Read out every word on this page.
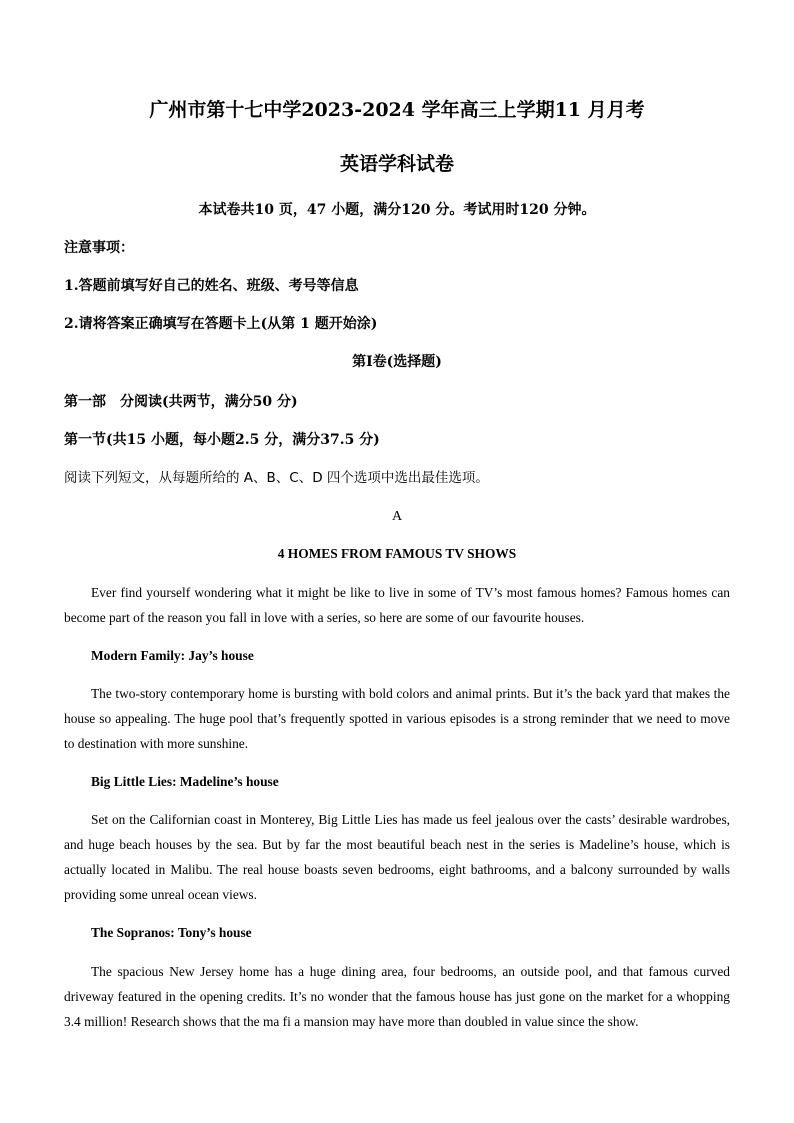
广州市第十七中学2023-2024 学年高三上学期11 月月考
英语学科试卷
本试卷共10 页，47 小题，满分120 分。考试用时120 分钟。
注意事项：
1.答题前填写好自己的姓名、班级、考号等信息
2.请将答案正确填写在答题卡上(从第 1 题开始涂)
第Ⅰ卷(选择题)
第一部　分阅读(共两节，满分50 分)
第一节(共15 小题，每小题2.5 分，满分37.5 分)
阅读下列短文，从每题所给的 A、B、C、D 四个选项中选出最佳选项。
A
4 HOMES FROM FAMOUS TV SHOWS

Ever find yourself wondering what it might be like to live in some of TV’s most famous homes? Famous homes can become part of the reason you fall in love with a series, so here are some of our favourite houses.

Modern Family: Jay’s house

The two-story contemporary home is bursting with bold colors and animal prints. But it’s the back yard that makes the house so appealing. The huge pool that’s frequently spotted in various episodes is a strong reminder that we need to move to destination with more sunshine.

Big Little Lies: Madeline’s house

Set on the Californian coast in Monterey, Big Little Lies has made us feel jealous over the casts’ desirable wardrobes, and huge beach houses by the sea. But by far the most beautiful beach nest in the series is Madeline’s house, which is actually located in Malibu. The real house boasts seven bedrooms, eight bathrooms, and a balcony surrounded by walls providing some unreal ocean views.

The Sopranos: Tony’s house

The spacious New Jersey home has a huge dining area, four bedrooms, an outside pool, and that famous curved driveway featured in the opening credits. It’s no wonder that the famous house has just gone on the market for a whopping 3.4 million! Research shows that the ma fi a mansion may have more than doubled in value since the show.
